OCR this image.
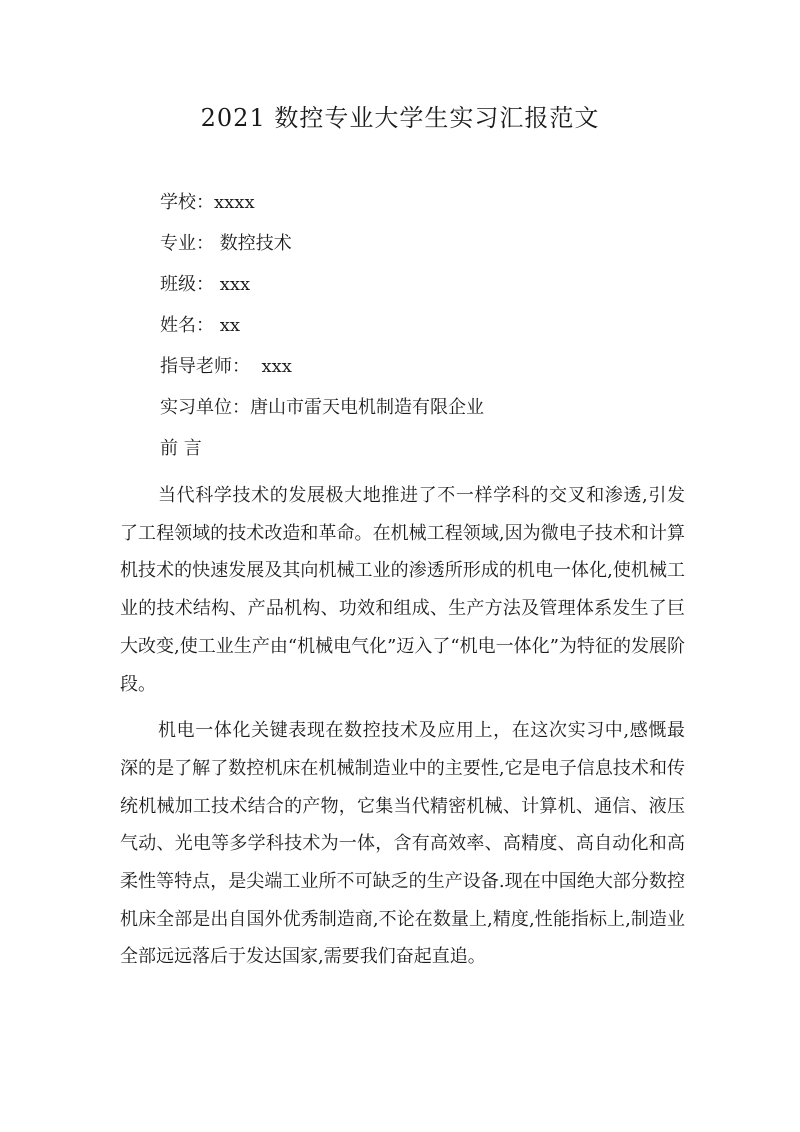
2021 数控专业大学生实习汇报范文
学校：xxxx
专业： 数控技术
班级： xxx
姓名： xx
指导老师：  xxx
实习单位：唐山市雷天电机制造有限企业
前 言

当代科学技术的发展极大地推进了不一样学科的交叉和渗透,引发了工程领域的技术改造和革命。在机械工程领域,因为微电子技术和计算机技术的快速发展及其向机械工业的渗透所形成的机电一体化,使机械工业的技术结构、产品机构、功效和组成、生产方法及管理体系发生了巨大改变,使工业生产由“机械电气化”迈入了“机电一体化”为特征的发展阶段。

机电一体化关键表现在数控技术及应用上，在这次实习中,感慨最深的是了解了数控机床在机械制造业中的主要性,它是电子信息技术和传统机械加工技术结合的产物，它集当代精密机械、计算机、通信、液压气动、光电等多学科技术为一体，含有高效率、高精度、高自动化和高柔性等特点，是尖端工业所不可缺乏的生产设备.现在中国绝大部分数控机床全部是出自国外优秀制造商,不论在数量上,精度,性能指标上,制造业全部远远落后于发达国家,需要我们奋起直追。
